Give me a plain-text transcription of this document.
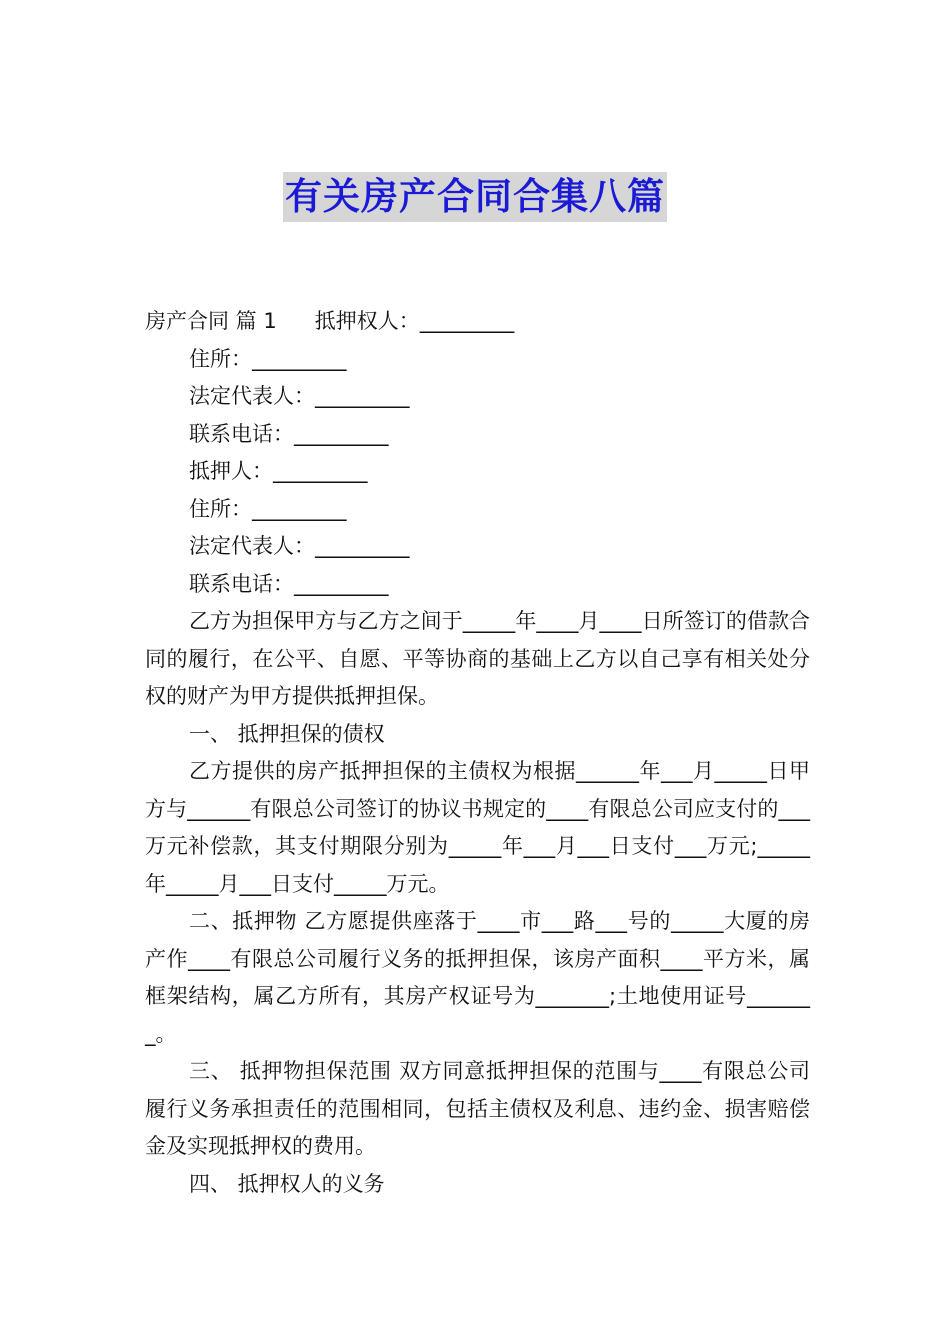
有关房产合同合集八篇
房产合同 篇 1 抵押权人：_________
住所：_________
法定代表人：_________
联系电话：_________
抵押人：_________
住所：_________
法定代表人：_________
联系电话：_________
乙方为担保甲方与乙方之间于_____年____月____日所签订的借款合同的履行，在公平、自愿、平等协商的基础上乙方以自己享有相关处分权的财产为甲方提供抵押担保。
一、 抵押担保的债权
乙方提供的房产抵押担保的主债权为根据______年___月_____日甲方与______有限总公司签订的协议书规定的____有限总公司应支付的___万元补偿款，其支付期限分别为_____年___月___日支付___万元;_____年_____月___日支付_____万元。
二、抵押物 乙方愿提供座落于____市___路___号的_____大厦的房产作____有限总公司履行义务的抵押担保，该房产面积____平方米，属框架结构，属乙方所有，其房产权证号为_______;土地使用证号_______。
三、 抵押物担保范围 双方同意抵押担保的范围与____有限总公司履行义务承担责任的范围相同，包括主债权及利息、违约金、损害赔偿金及实现抵押权的费用。
四、 抵押权人的义务
